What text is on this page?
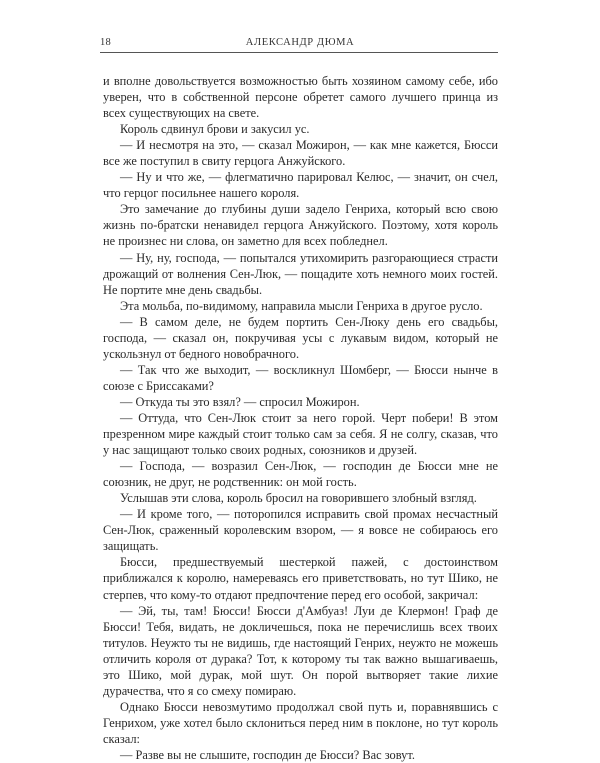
18	АЛЕКСАНДР ДЮМА

и вполне довольствуется возможностью быть хозяином самому себе, ибо уверен, что в собственной персоне обретет самого лучшего принца из всех существующих на свете.

Король сдвинул брови и закусил ус.

— И несмотря на это, — сказал Можирон, — как мне кажется, Бюсси все же поступил в свиту герцога Анжуйского.

— Ну и что же, — флегматично парировал Келюс, — значит, он счел, что герцог посильнее нашего короля.

Это замечание до глубины души задело Генриха, который всю свою жизнь по-братски ненавидел герцога Анжуйского. Поэтому, хотя король не произнес ни слова, он заметно для всех побледнел.

— Ну, ну, господа, — попытался утихомирить разгорающиеся страсти дрожащий от волнения Сен-Люк, — пощадите хоть немного моих гостей. Не портите мне день свадьбы.

Эта мольба, по-видимому, направила мысли Генриха в другое русло.

— В самом деле, не будем портить Сен-Люку день его свадьбы, господа, — сказал он, покручивая усы с лукавым видом, который не ускользнул от бедного новобрачного.

— Так что же выходит, — воскликнул Шомберг, — Бюсси нынче в союзе с Бриссаками?

— Откуда ты это взял? — спросил Можирон.

— Оттуда, что Сен-Люк стоит за него горой. Черт побери! В этом презренном мире каждый стоит только сам за себя. Я не солгу, сказав, что у нас защищают только своих родных, союзников и друзей.

— Господа, — возразил Сен-Люк, — господин де Бюсси мне не союзник, не друг, не родственник: он мой гость.

Услышав эти слова, король бросил на говорившего злобный взгляд.

— И кроме того, — поторопился исправить свой промах несчастный Сен-Люк, сраженный королевским взором, — я вовсе не собираюсь его защищать.

Бюсси, предшествуемый шестеркой пажей, с достоинством приближался к королю, намереваясь его приветствовать, но тут Шико, не стерпев, что кому-то отдают предпочтение перед его особой, закричал:

— Эй, ты, там! Бюсси! Бюсси д'Амбуаз! Луи де Клермон! Граф де Бюсси! Тебя, видать, не докличешься, пока не перечислишь всех твоих титулов. Неужто ты не видишь, где настоящий Генрих, неужто не можешь отличить короля от дурака? Тот, к которому ты так важно вышагиваешь, это Шико, мой дурак, мой шут. Он порой вытворяет такие лихие дурачества, что я со смеху помираю.

Однако Бюсси невозмутимо продолжал свой путь и, поравнявшись с Генрихом, уже хотел было склониться перед ним в поклоне, но тут король сказал:

— Разве вы не слышите, господин де Бюсси? Вас зовут.
